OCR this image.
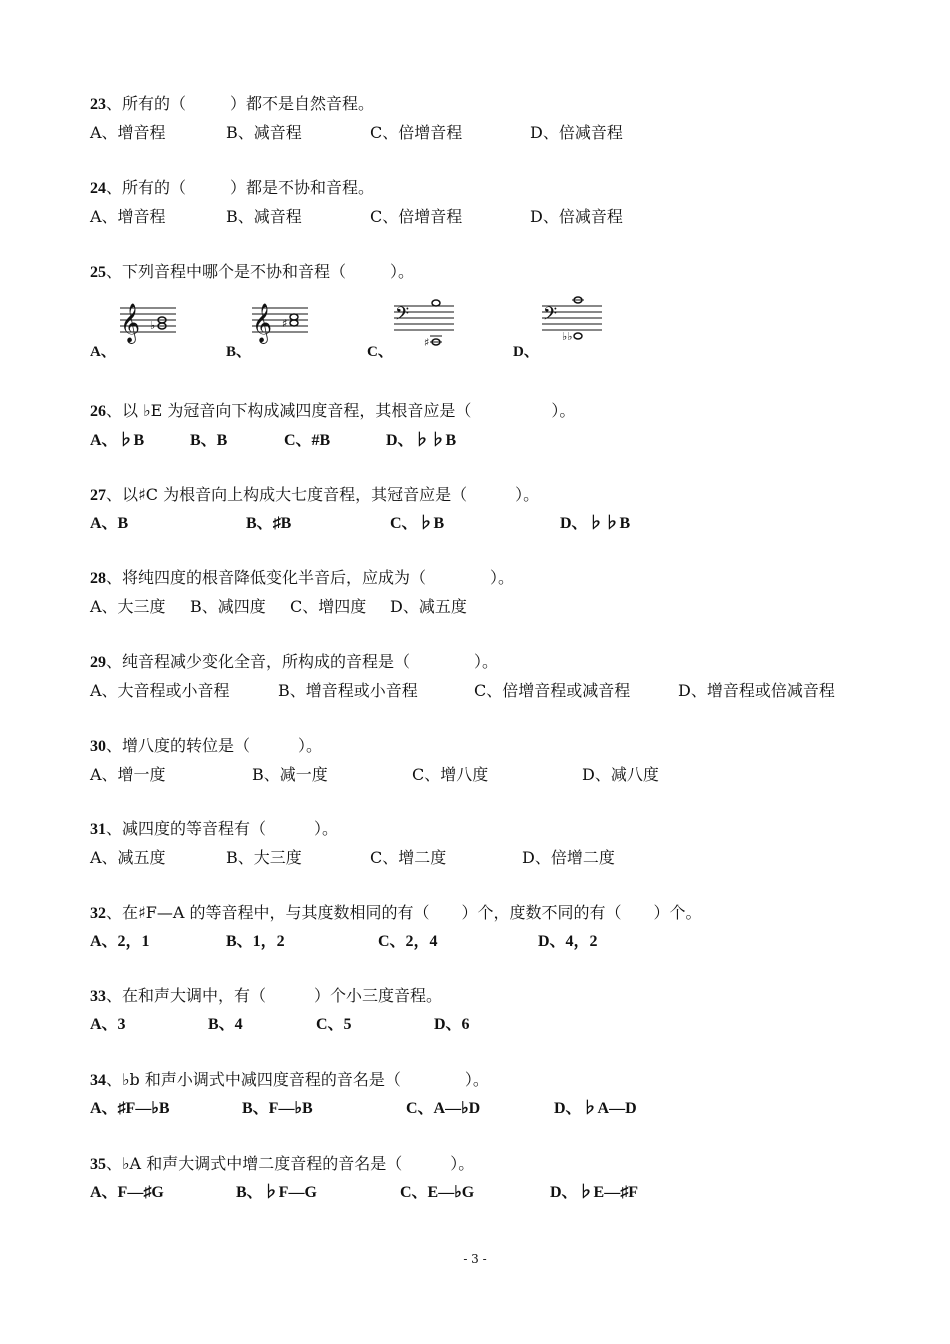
23、所有的（	）都不是自然音程。
A、增音程	B、减音程	C、倍增音程	D、倍减音程
24、所有的（	）都是不协和音程。
A、增音程	B、减音程	C、倍增音程	D、倍减音程
25、下列音程中哪个是不协和音程（	）。
A、
𝄞 ♭
B、
𝄞 ♯
C、
𝄢
♯
D、
𝄢
♭♭
26、以 ♭E 为冠音向下构成减四度音程，其根音应是（　　　　　）。
A、♭B	B、B	C、#B	D、♭♭B
27、以♯C 为根音向上构成大七度音程，其冠音应是（　　　）。
A、B	B、♯B	C、♭B	D、♭♭B
28、将纯四度的根音降低变化半音后，应成为（　　　　）。
A、大三度 B、减四度 C、增四度 D、减五度
29、纯音程减少变化全音，所构成的音程是（　　　　）。
A、大音程或小音程	B、增音程或小音程	C、倍增音程或减音程	D、增音程或倍减音程
30、增八度的转位是（　　　）。
A、增一度	B、减一度	C、增八度	D、减八度
31、减四度的等音程有（　　　）。
A、减五度	B、大三度	C、增二度	D、倍增二度
32、在♯F—A 的等音程中，与其度数相同的有（　　）个，度数不同的有（　　）个。
A、2，1	B、1，2	C、2，4	D、4，2
33、在和声大调中，有（　　　）个小三度音程。
A、3	B、4	C、5	D、6
34、♭b 和声小调式中减四度音程的音名是（　　　　）。
A、♯F—♭B	B、F—♭B	C、A—♭D	D、♭A—D
35、♭A 和声大调式中增二度音程的音名是（　　　）。
A、F—♯G	B、♭F—G	C、E—♭G	D、♭E—♯F
- 3 -
